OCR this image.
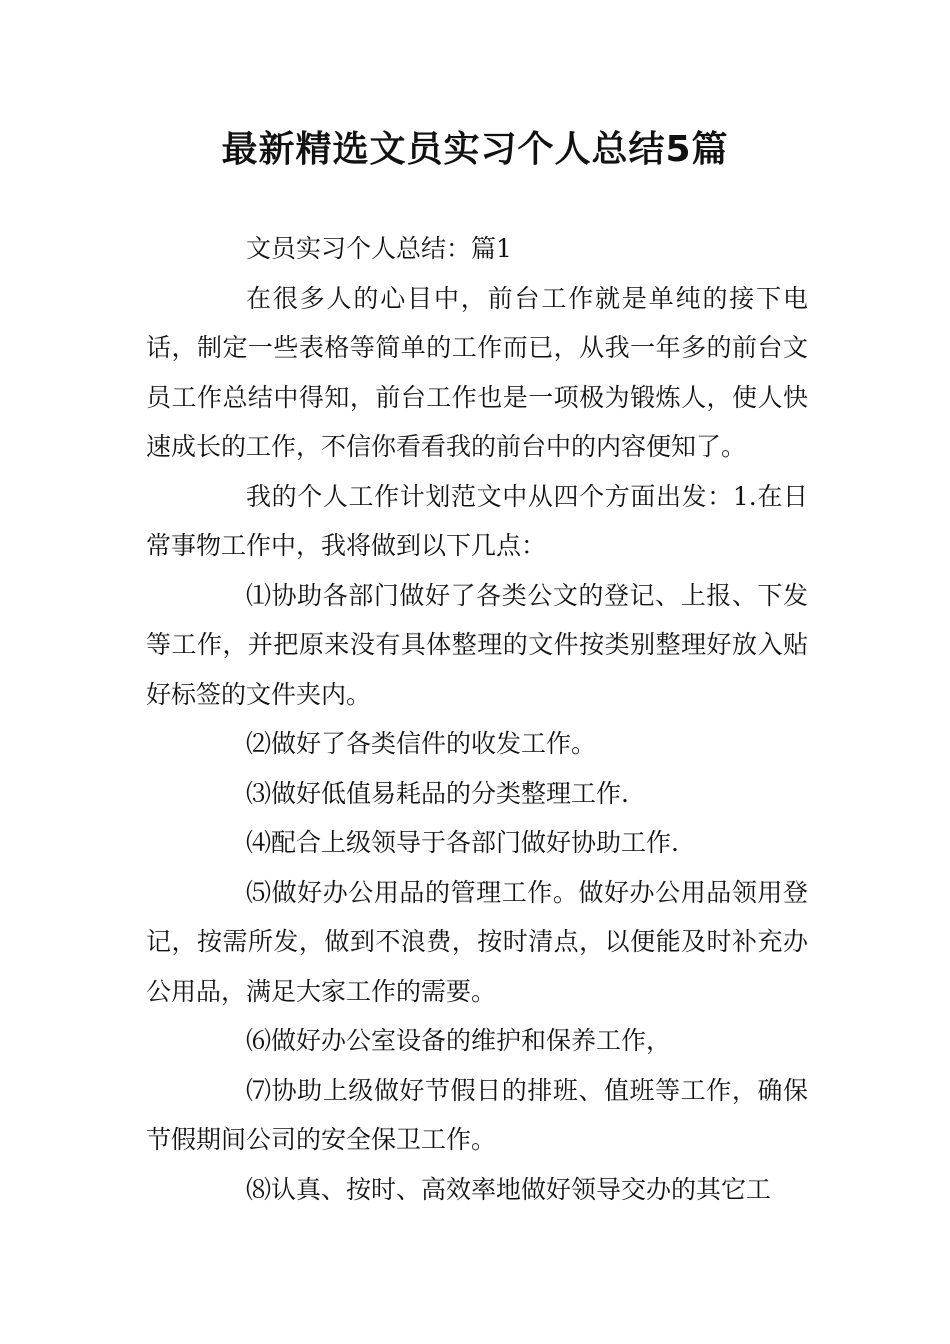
最新精选文员实习个人总结5篇

文员实习个人总结：篇1

在很多人的心目中，前台工作就是单纯的接下电话，制定一些表格等简单的工作而已，从我一年多的前台文员工作总结中得知，前台工作也是一项极为锻炼人，使人快速成长的工作，不信你看看我的前台中的内容便知了。

我的个人工作计划范文中从四个方面出发：1.在日常事物工作中，我将做到以下几点：

⑴协助各部门做好了各类公文的登记、上报、下发等工作，并把原来没有具体整理的文件按类别整理好放入贴好标签的文件夹内。

⑵做好了各类信件的收发工作。

⑶做好低值易耗品的分类整理工作.

⑷配合上级领导于各部门做好协助工作.

⑸做好办公用品的管理工作。做好办公用品领用登记，按需所发，做到不浪费，按时清点，以便能及时补充办公用品，满足大家工作的需要。

⑹做好办公室设备的维护和保养工作，

⑺协助上级做好节假日的排班、值班等工作，确保节假期间公司的安全保卫工作。

⑻认真、按时、高效率地做好领导交办的其它工
